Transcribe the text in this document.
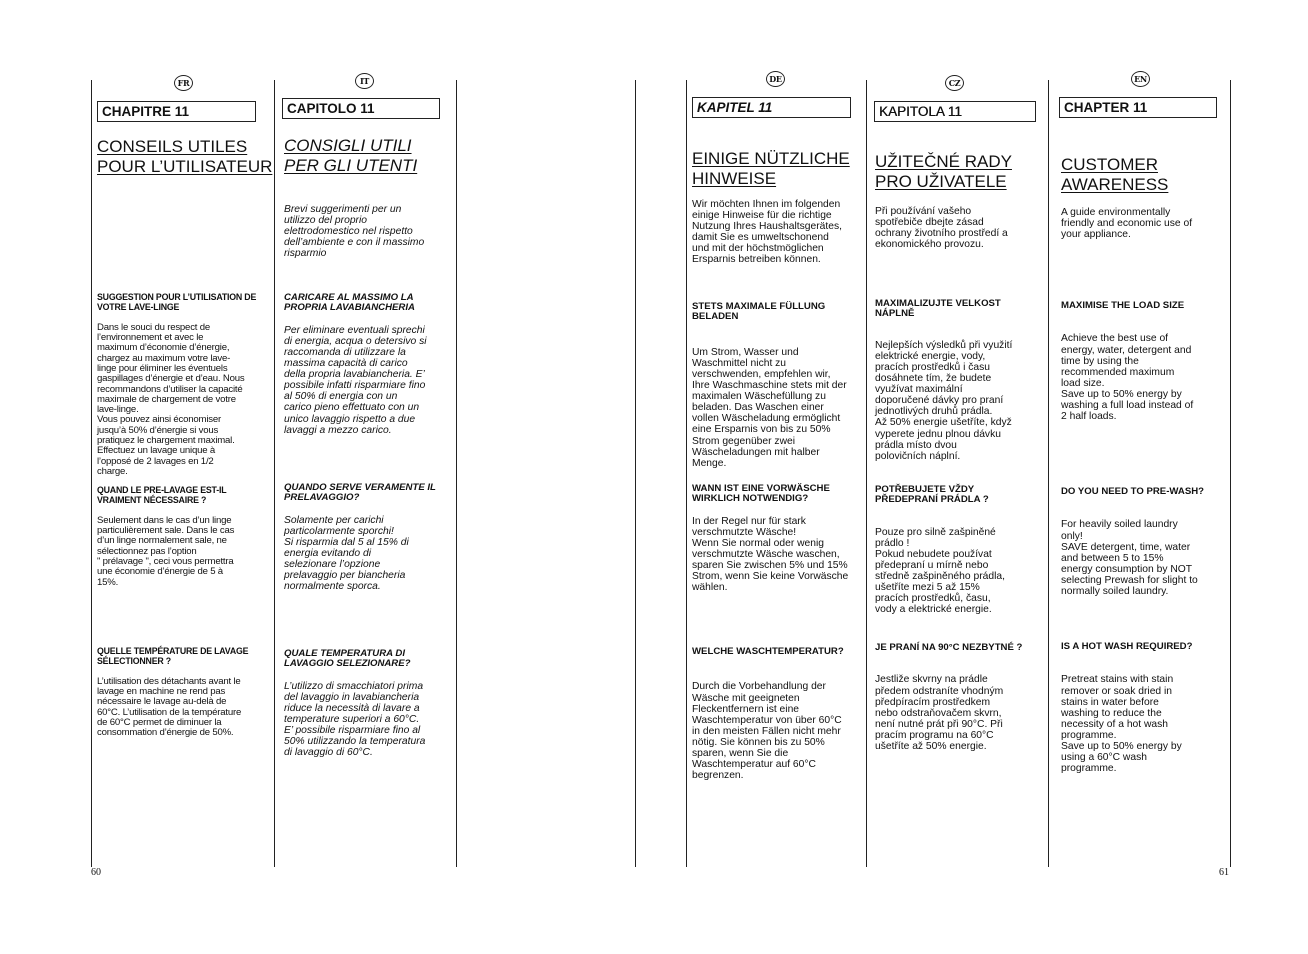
FR
CHAPITRE 11
CONSEILS UTILES
POUR L’UTILISATEUR

SUGGESTION POUR L’UTILISATION DE
VOTRE LAVE-LINGE

Dans le souci du respect de
l’environnement et avec le
maximum d’économie d’énergie,
chargez au maximum votre lave-
linge pour éliminer les éventuels
gaspillages d’énergie et d’eau. Nous
recommandons d’utiliser la capacité
maximale de chargement de votre
lave-linge.
Vous pouvez ainsi économiser
jusqu’à 50% d’énergie si vous
pratiquez le chargement maximal.
Effectuez un lavage unique à
l’opposé de 2 lavages en 1/2
charge.

QUAND LE PRE-LAVAGE EST-IL
VRAIMENT NÉCESSAIRE ?

Seulement dans le cas d’un linge
particulièrement sale. Dans le cas
d’un linge normalement sale, ne
sélectionnez pas l’option
" prélavage ", ceci vous permettra
une économie d’énergie de 5 à
15%.

QUELLE TEMPÉRATURE DE LAVAGE
SÉLECTIONNER ?

L’utilisation des détachants avant le
lavage en machine ne rend pas
nécessaire le lavage au-delà de
60°C. L’utilisation de la température
de 60°C permet de diminuer la
consommation d’énergie de 50%.

IT
CAPITOLO 11
CONSIGLI UTILI
PER GLI UTENTI
Brevi suggerimenti per un
utilizzo del proprio
elettrodomestico nel rispetto
dell’ambiente e con il massimo
risparmio

CARICARE AL MASSIMO LA
PROPRIA LAVABIANCHERIA

Per eliminare eventuali sprechi
di energia, acqua o detersivo si
raccomanda di utilizzare la
massima capacità di carico
della propria lavabiancheria. E’
possibile infatti risparmiare fino
al 50% di energia con un
carico pieno effettuato con un
unico lavaggio rispetto a due
lavaggi a mezzo carico.

QUANDO SERVE VERAMENTE IL
PRELAVAGGIO?

Solamente per carichi
particolarmente sporchi!
Si risparmia dal 5 al 15% di
energia evitando di
selezionare l’opzione
prelavaggio per biancheria
normalmente sporca.

QUALE TEMPERATURA DI
LAVAGGIO SELEZIONARE?

L’utilizzo di smacchiatori prima
del lavaggio in lavabiancheria
riduce la necessità di lavare a
temperature superiori a 60°C.
E’ possibile risparmiare fino al
50% utilizzando la temperatura
di lavaggio di 60°C.

DE
KAPITEL 11
EINIGE NÜTZLICHE
HINWEISE
Wir möchten Ihnen im folgenden
einige Hinweise für die richtige
Nutzung Ihres Haushaltsgerätes,
damit Sie es umweltschonend
und mit der höchstmöglichen
Ersparnis betreiben können.

STETS MAXIMALE FÜLLUNG
BELADEN

Um Strom, Wasser und
Waschmittel nicht zu
verschwenden, empfehlen wir,
Ihre Waschmaschine stets mit der
maximalen Wäschefüllung zu
beladen. Das Waschen einer
vollen Wäscheladung ermöglicht
eine Ersparnis von bis zu 50%
Strom gegenüber zwei
Wäscheladungen mit halber
Menge.

WANN IST EINE VORWÄSCHE
WIRKLICH NOTWENDIG?

In der Regel nur für stark
verschmutzte Wäsche!
Wenn Sie normal oder wenig
verschmutzte Wäsche waschen,
sparen Sie zwischen 5% und 15%
Strom, wenn Sie keine Vorwäsche
wählen.

WELCHE WASCHTEMPERATUR?

Durch die Vorbehandlung der
Wäsche mit geeigneten
Fleckentfernern ist eine
Waschtemperatur von über 60°C
in den meisten Fällen nicht mehr
nötig. Sie können bis zu 50%
sparen, wenn Sie die
Waschtemperatur auf 60°C
begrenzen.

CZ
KAPITOLA 11
UŽITEČNÉ RADY
PRO UŽIVATELE
Při používání vašeho
spotřebiče dbejte zásad
ochrany životního prostředí a
ekonomického provozu.

MAXIMALIZUJTE VELKOST
NÁPLNĚ

Nejlepších výsledků při využití
elektrické energie, vody,
pracích prostředků i času
dosáhnete tím, že budete
využívat maximální
doporučené dávky pro praní
jednotlivých druhů prádla.
Až 50% energie ušetříte, když
vyperete jednu plnou dávku
prádla místo dvou
polovičních náplní.

POTŘEBUJETE VŽDY
PŘEDEPRANÍ PRÁDLA ?

Pouze pro silně zašpiněné
prádlo !
Pokud nebudete používat
předepraní u mírně nebo
středně zašpiněného prádla,
ušetříte mezi 5 až 15%
pracích prostředků, času,
vody a elektrické energie.

JE PRANÍ NA 90°C NEZBYTNÉ ?

Jestliže skvrny na prádle
předem odstraníte vhodným
předpíracím prostředkem
nebo odstraňovačem skvrn,
není nutné prát při 90°C. Při
pracím programu na 60°C
ušetříte až 50% energie.

EN
CHAPTER 11
CUSTOMER
AWARENESS
A guide environmentally
friendly and economic use of
your appliance.

MAXIMISE THE LOAD SIZE

Achieve the best use of
energy, water, detergent and
time by using the
recommended maximum
load size.
Save up to 50% energy by
washing a full load instead of
2 half loads.

DO YOU NEED TO PRE-WASH?

For heavily soiled laundry
only!
SAVE detergent, time, water
and between 5 to 15%
energy consumption by NOT
selecting Prewash for slight to
normally soiled laundry.

IS A HOT WASH REQUIRED?

Pretreat stains with stain
remover or soak dried in
stains in water before
washing to reduce the
necessity of a hot wash
programme.
Save up to 50% energy by
using a 60°C wash
programme.

60	61
